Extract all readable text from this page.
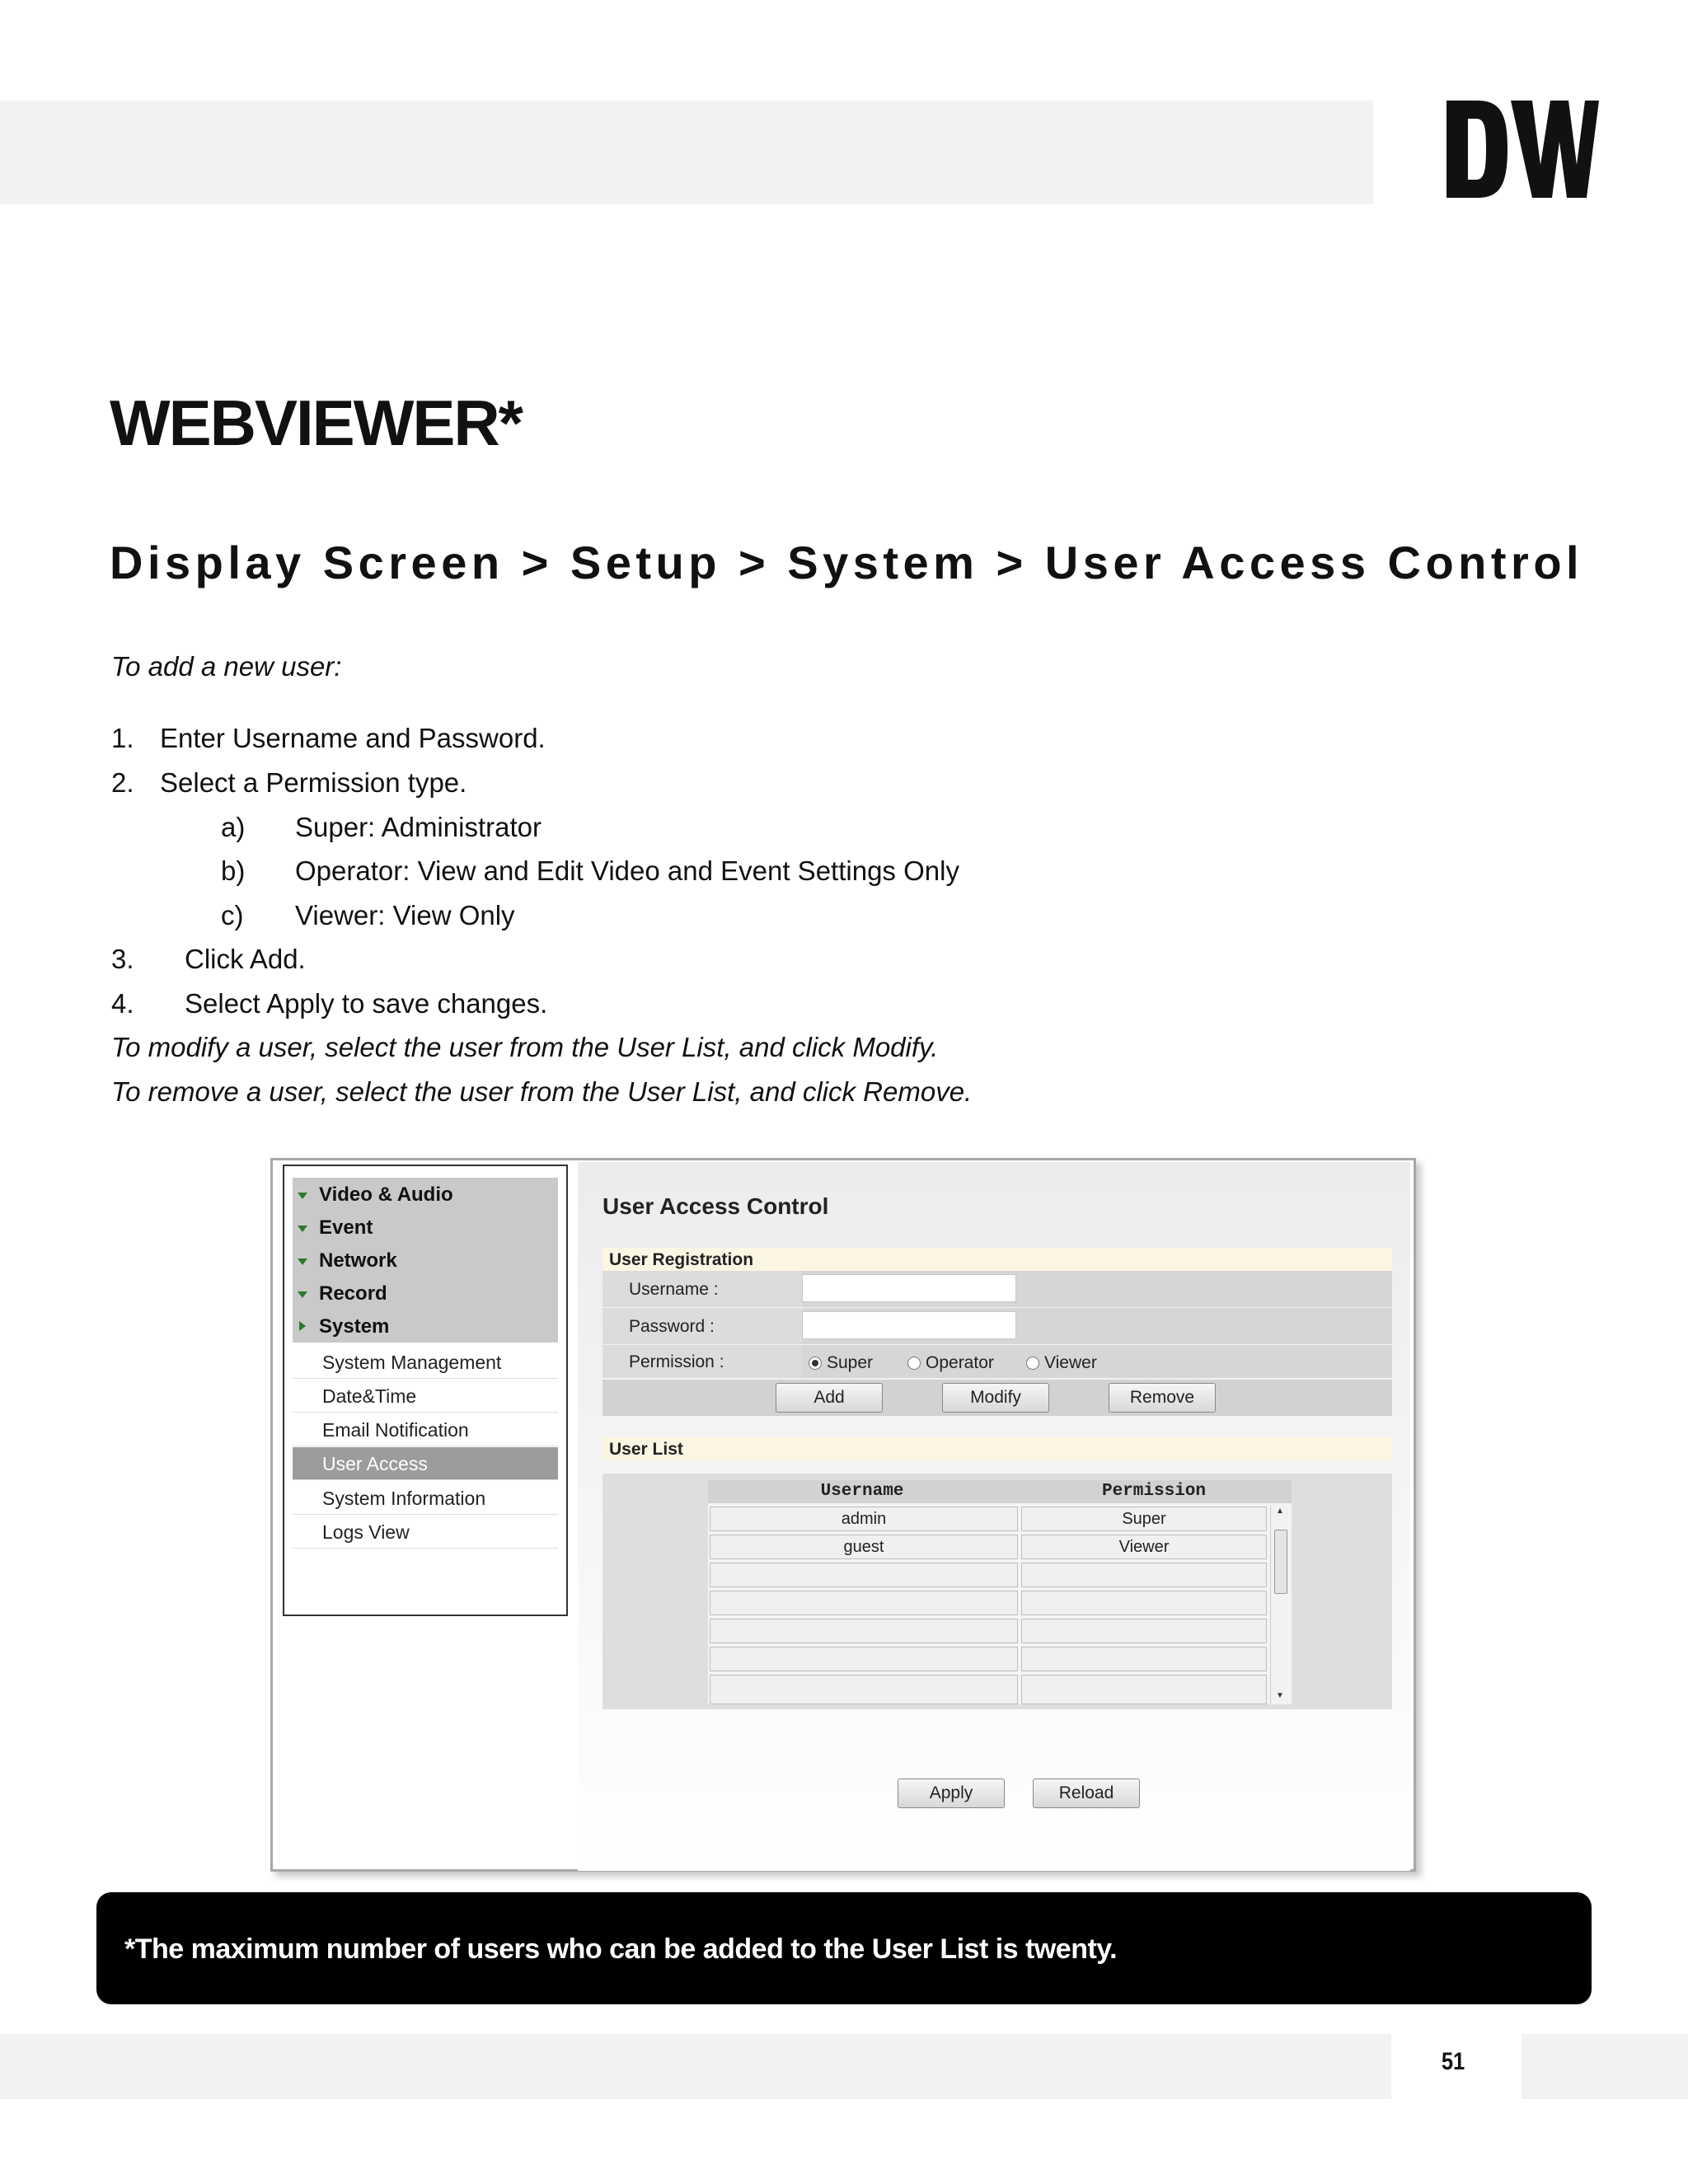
51
WEBVIEWER*
Display Screen > Setup > System > User Access Control
To add a new user:
1. Enter Username and Password.
2. Select a Permission type.
a) Super: Administrator
b) Operator: View and Edit Video and Event Settings Only
c) Viewer: View Only
3. Click Add.
4. Select Apply to save changes.
To modify a user, select the user from the User List, and click Modify.
To remove a user, select the user from the User List, and click Remove.
Video & Audio
Event
Network
Record
System
System Management
Date&Time
Email Notification
User Access
System Information
Logs View
User Access Control
User Registration
Username :
Password :
Permission :	Super	Operator	Viewer
Add	Modify	Remove
User List
Username	Permission
admin	Super
guest	Viewer
▲
▼
Apply	Reload
*The maximum number of users who can be added to the User List is twenty.
